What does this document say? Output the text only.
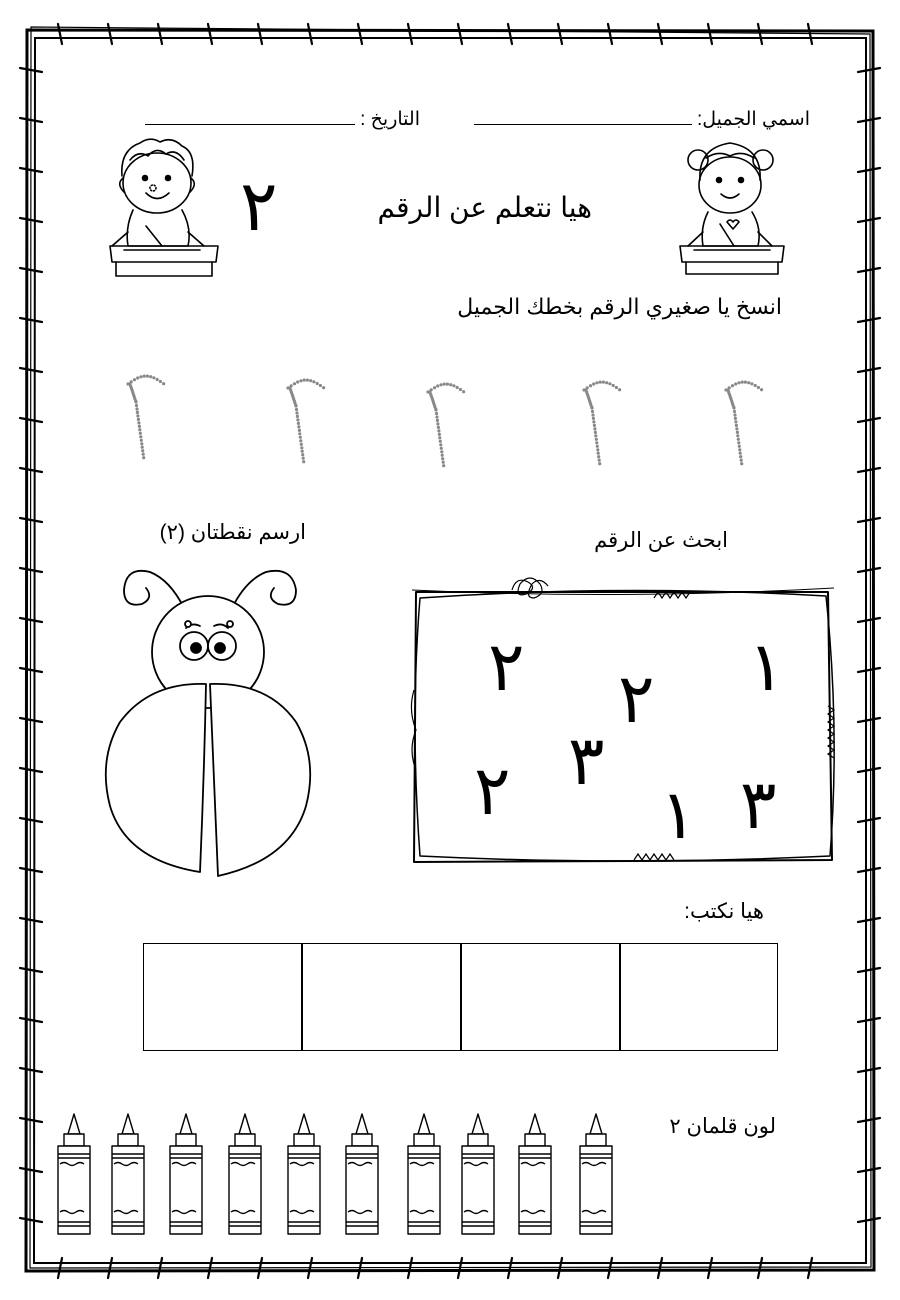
اسمي الجميل:
التاريخ :
هيا نتعلم عن الرقم
٢
انسخ يا صغيري الرقم بخطك الجميل
ارسم نقطتان (٢)	ابحث عن الرقم
١
٢ ٢
٣
٢ ١ ٣
هيا نكتب:
لون قلمان ٢
